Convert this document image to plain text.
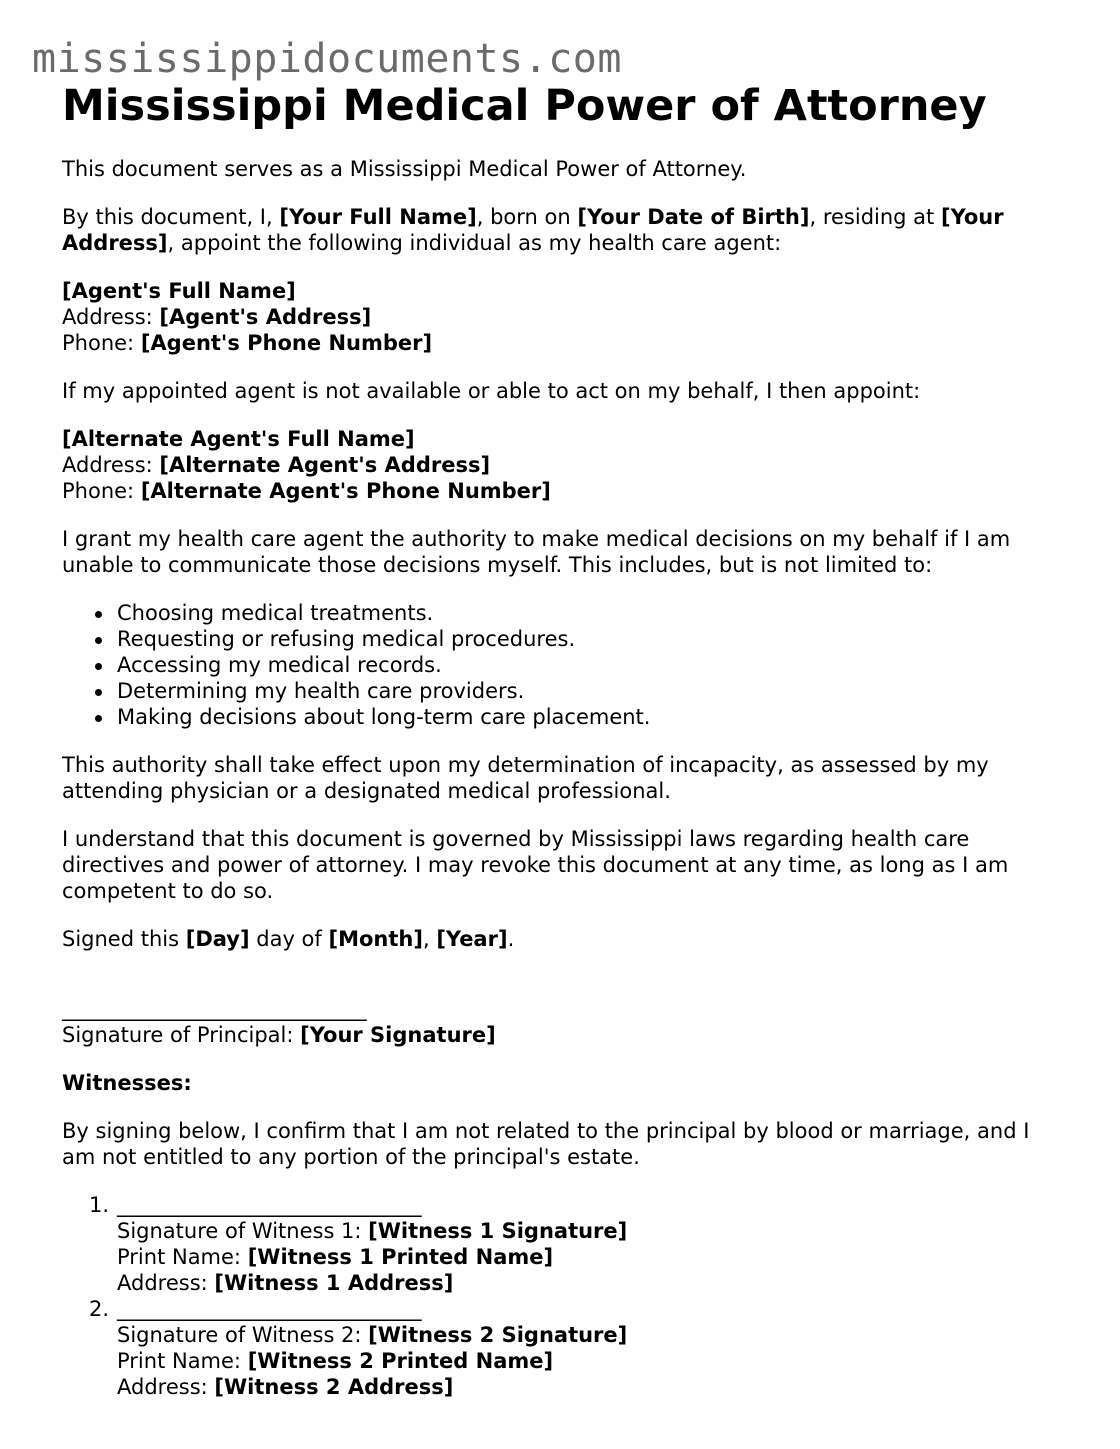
mississippidocuments.com
Mississippi Medical Power of Attorney

This document serves as a Mississippi Medical Power of Attorney.

By this document, I, [Your Full Name], born on [Your Date of Birth], residing at [Your Address], appoint the following individual as my health care agent:

[Agent's Full Name]
Address: [Agent's Address]
Phone: [Agent's Phone Number]

If my appointed agent is not available or able to act on my behalf, I then appoint:

[Alternate Agent's Full Name]
Address: [Alternate Agent's Address]
Phone: [Alternate Agent's Phone Number]

I grant my health care agent the authority to make medical decisions on my behalf if I am unable to communicate those decisions myself. This includes, but is not limited to:

Choosing medical treatments.
Requesting or refusing medical procedures.
Accessing my medical records.
Determining my health care providers.
Making decisions about long-term care placement.

This authority shall take effect upon my determination of incapacity, as assessed by my attending physician or a designated medical professional.

I understand that this document is governed by Mississippi laws regarding health care directives and power of attorney. I may revoke this document at any time, as long as I am competent to do so.

Signed this [Day] day of [Month], [Year].

_____________________________
Signature of Principal: [Your Signature]

Witnesses:

By signing below, I confirm that I am not related to the principal by blood or marriage, and I am not entitled to any portion of the principal's estate.

1. _____________________________
Signature of Witness 1: [Witness 1 Signature]
Print Name: [Witness 1 Printed Name]
Address: [Witness 1 Address]
2. _____________________________
Signature of Witness 2: [Witness 2 Signature]
Print Name: [Witness 2 Printed Name]
Address: [Witness 2 Address]
